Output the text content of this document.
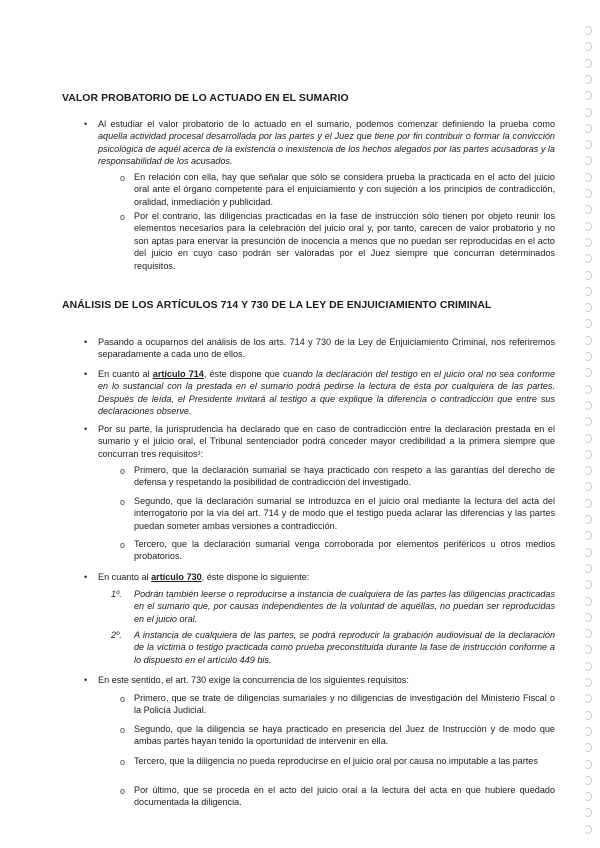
VALOR PROBATORIO DE LO ACTUADO EN EL SUMARIO
• Al estudiar el valor probatorio de lo actuado en el sumario, podemos comenzar definiendo la prueba como aquella actividad procesal desarrollada por las partes y el Juez que tiene por fin contribuir o formar la convicción psicológica de aquél acerca de la existencia o inexistencia de los hechos alegados por las partes acusadoras y la responsabilidad de los acusados.
o En relación con ella, hay que señalar que sólo se considera prueba la practicada en el acto del juicio oral ante el órgano competente para el enjuiciamiento y con sujeción a los principios de contradicción, oralidad, inmediación y publicidad.
o Por el contrario, las diligencias practicadas en la fase de instrucción sólo tienen por objeto reunir los elementos necesarios para la celebración del juicio oral y, por tanto, carecen de valor probatorio y no son aptas para enervar la presunción de inocencia a menos que no puedan ser reproducidas en el acto del juicio en cuyo caso podrán ser valoradas por el Juez siempre que concurran determinados requisitos.
ANÁLISIS DE LOS ARTÍCULOS 714 Y 730 DE LA LEY DE ENJUICIAMIENTO CRIMINAL
• Pasando a ocuparnos del análisis de los arts. 714 y 730 de la Ley de Enjuiciamiento Criminal, nos referiremos separadamente a cada uno de ellos.
• En cuanto al artículo 714, éste dispone que cuando la declaración del testigo en el juicio oral no sea conforme en lo sustancial con la prestada en el sumario podrá pedirse la lectura de ésta por cualquiera de las partes. Después de leída, el Presidente invitará al testigo a que explique la diferencia o contradicción que entre sus declaraciones observe.
• Por su parte, la jurisprudencia ha declarado que en caso de contradicción entre la declaración prestada en el sumario y el juicio oral, el Tribunal sentenciador podrá conceder mayor credibilidad a la primera siempre que concurran tres requisitos¹:
o Primero, que la declaración sumarial se haya practicado con respeto a las garantías del derecho de defensa y respetando la posibilidad de contradicción del investigado.
o Segundo, que la declaración sumarial se introduzca en el juicio oral mediante la lectura del acta del interrogatorio por la vía del art. 714 y de modo que el testigo pueda aclarar las diferencias y las partes puedan someter ambas versiones a contradicción.
o Tercero, que la declaración sumarial venga corroborada por elementos periféricos u otros medios probatorios.
• En cuanto al artículo 730, éste dispone lo siguiente:
1º. Podrán también leerse o reproducirse a instancia de cualquiera de las partes las diligencias practicadas en el sumario que, por causas independientes de la voluntad de aquéllas, no puedan ser reproducidas en el juicio oral.
2º. A instancia de cualquiera de las partes, se podrá reproducir la grabación audiovisual de la declaración de la víctima o testigo practicada como prueba preconstituida durante la fase de instrucción conforme a lo dispuesto en el artículo 449 bis.
• En este sentido, el art. 730 exige la concurrencia de los siguientes requisitos:
o Primero, que se trate de diligencias sumariales y no diligencias de investigación del Ministerio Fiscal o la Policía Judicial.
o Segundo, que la diligencia se haya practicado en presencia del Juez de Instrucción y de modo que ambas partes hayan tenido la oportunidad de intervenir en ella.
o Tercero, que la diligencia no pueda reproducirse en el juicio oral por causa no imputable a las partes
o Por último, que se proceda en el acto del juicio oral a la lectura del acta en que hubiere quedado documentada la diligencia.
